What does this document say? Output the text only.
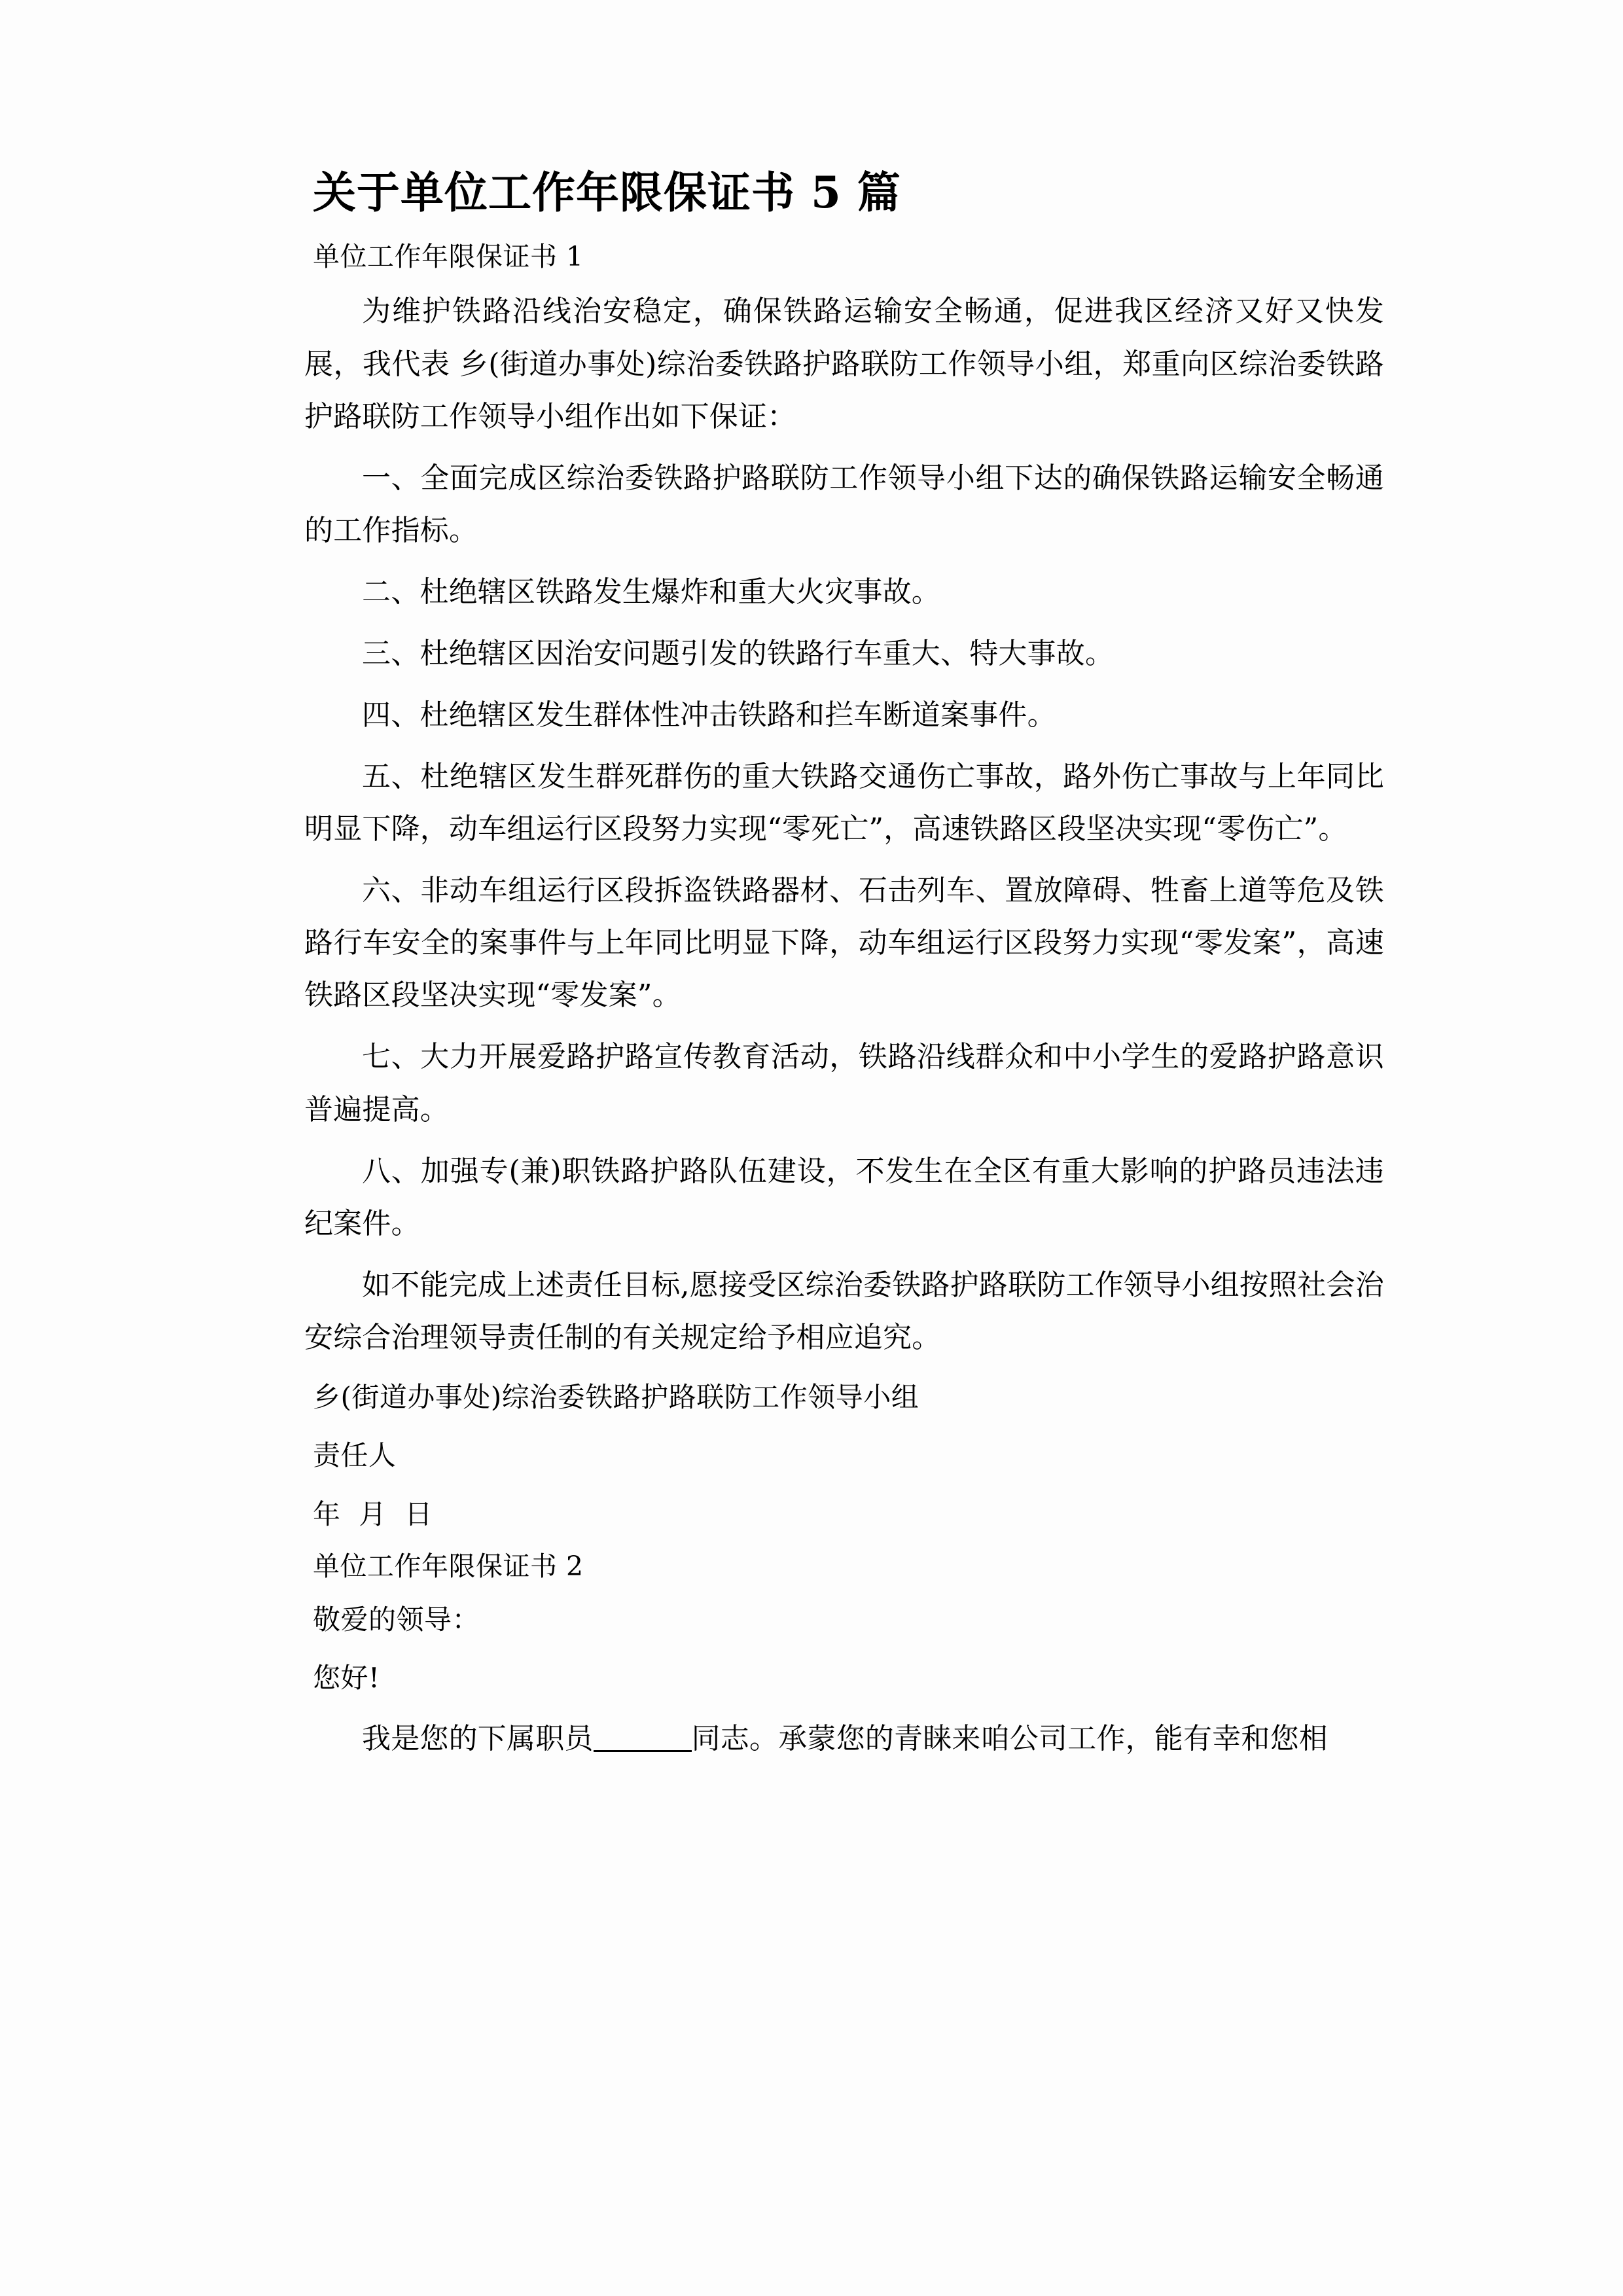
关于单位工作年限保证书 5 篇
单位工作年限保证书 1

为维护铁路沿线治安稳定，确保铁路运输安全畅通，促进我区经济又好又快发展，我代表 乡(街道办事处)综治委铁路护路联防工作领导小组，郑重向区综治委铁路护路联防工作领导小组作出如下保证：

一、全面完成区综治委铁路护路联防工作领导小组下达的确保铁路运输安全畅通的工作指标。

二、杜绝辖区铁路发生爆炸和重大火灾事故。

三、杜绝辖区因治安问题引发的铁路行车重大、特大事故。

四、杜绝辖区发生群体性冲击铁路和拦车断道案事件。

五、杜绝辖区发生群死群伤的重大铁路交通伤亡事故，路外伤亡事故与上年同比明显下降，动车组运行区段努力实现“零死亡”，高速铁路区段坚决实现“零伤亡”。

六、非动车组运行区段拆盗铁路器材、石击列车、置放障碍、牲畜上道等危及铁路行车安全的案事件与上年同比明显下降，动车组运行区段努力实现“零发案”，高速铁路区段坚决实现“零发案”。

七、大力开展爱路护路宣传教育活动，铁路沿线群众和中小学生的爱路护路意识普遍提高。

八、加强专(兼)职铁路护路队伍建设，不发生在全区有重大影响的护路员违法违纪案件。

如不能完成上述责任目标,愿接受区综治委铁路护路联防工作领导小组按照社会治安综合治理领导责任制的有关规定给予相应追究。

乡(街道办事处)综治委铁路护路联防工作领导小组
责任人
年  月  日
单位工作年限保证书 2
敬爱的领导：
您好!

我是您的下属职员	同志。承蒙您的青睐来咱公司工作，能有幸和您相
